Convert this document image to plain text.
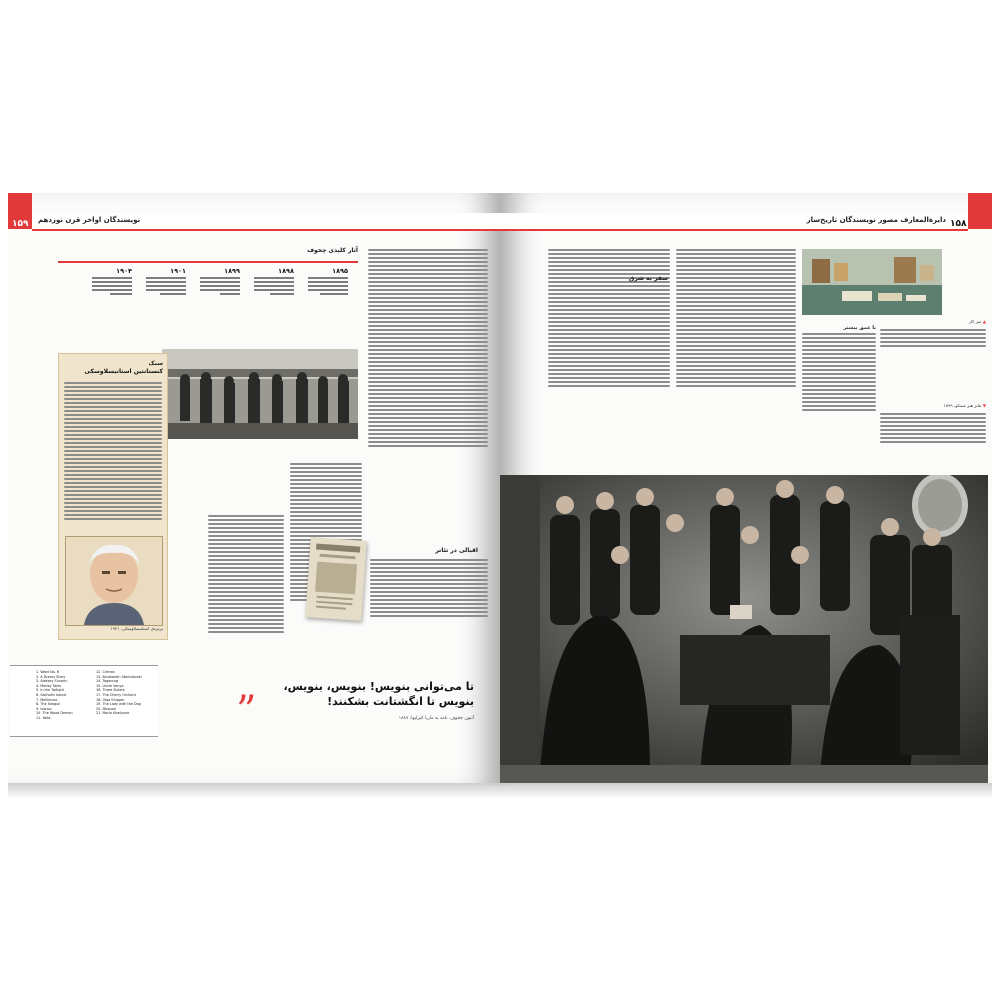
۱۵۹ نویسندگان اواخر قرن نوزدهم
آثار کلیدی چخوف
۱۸۹۵
۱۸۹۸
۱۸۹۹
۱۹۰۱
۱۹۰۴
اقبالی در تئاتر
سبک
کنستانتین استانیسلاوسکی
پرتره‌ی استانیسلاوسکی، ۱۹۲۱
تا می‌توانی بنویس! بنویس، بنویس، بنویس تا انگشتانت بشکنند!
”	آنتون چخوف، نامه به ماریا کیزلیوا، ۱۸۸۷
1. Ward No. 6
2. A Dreary Story
3. Aleksey Suvorin
4. Motley Tales
5. In the Twilight
6. Sakhalin Island
7. Melikhovo
8. The Seagull
9. Ivanov
10. The Wood Demon
11. Yalta
12. Crimea
13. Konstantin Stanislavski
14. Taganrog
15. Uncle Vanya
16. Three Sisters
17. The Cherry Orchard
18. Olga Knipper
19. The Lady with the Dog
20. Moscow
21. Maria Kiselyova
۱۵۸
دایرةالمعارف مصور نویسندگان تاریخ‌ساز
▲ میز کار
سفر به شرق
با عمق بیشتر
▼ تئاتر هنر مسکو، ۱۸۹۹
